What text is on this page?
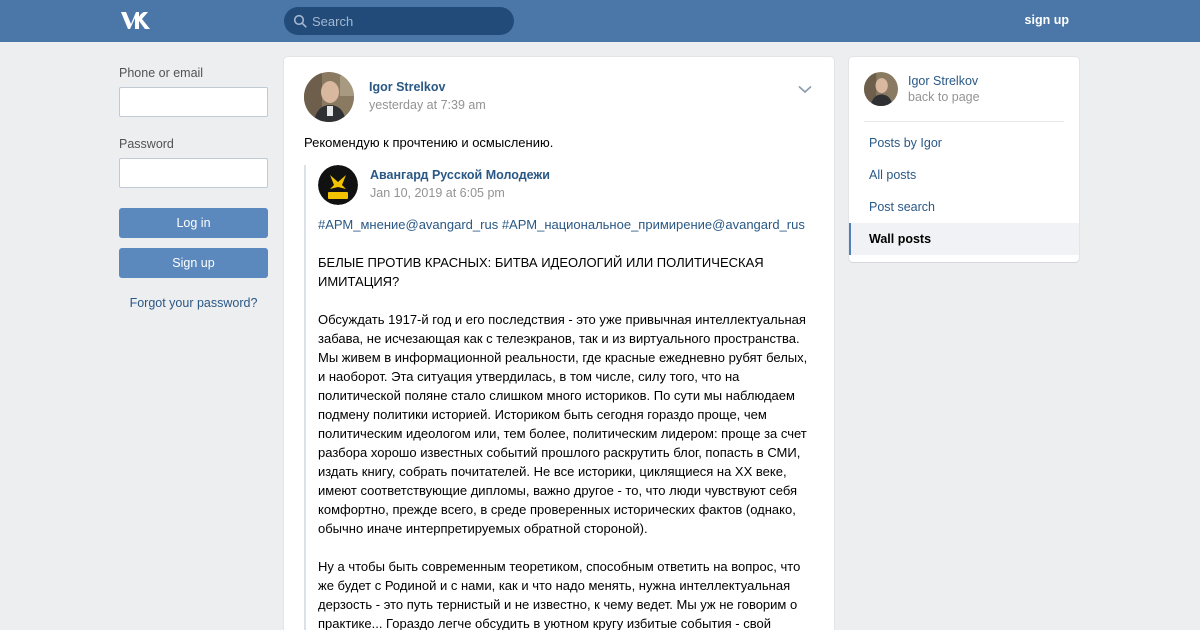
Search
sign up
Phone or email
Password
Log in
Sign up
Forgot your password?
Igor Strelkov
yesterday at 7:39 am
Рекомендую к прочтению и осмыслению.
Авангард Русской Молодежи
Jan 10, 2019 at 6:05 pm

#АРМ_мнение@avangard_rus #АРМ_национальное_примирение@avangard_rus

БЕЛЫЕ ПРОТИВ КРАСНЫХ: БИТВА ИДЕОЛОГИЙ ИЛИ ПОЛИТИЧЕСКАЯ ИМИТАЦИЯ?

Обсуждать 1917-й год и его последствия - это уже привычная интеллектуальная забава, не исчезающая как с телеэкранов, так и из виртуального пространства. Мы живем в информационной реальности, где красные ежедневно рубят белых, и наоборот. Эта ситуация утвердилась, в том числе, силу того, что на политической поляне стало слишком много историков. По сути мы наблюдаем подмену политики историей. Историком быть сегодня гораздо проще, чем политическим идеологом или, тем более, политическим лидером: проще за счет разбора хорошо известных событий прошлого раскрутить блог, попасть в СМИ, издать книгу, собрать почитателей. Не все историки, циклящиеся на XX веке, имеют соответствующие дипломы, важно другое - то, что люди чувствуют себя комфортно, прежде всего, в среде проверенных исторических фактов (однако, обычно иначе интерпретируемых обратной стороной).

Ну а чтобы быть современным теоретиком, способным ответить на вопрос, что же будет с Родиной и с нами, как и что надо менять, нужна интеллектуальная дерзость - это путь тернистый и не известно, к чему ведет. Мы уж не говорим о практике... Гораздо легче обсудить в уютном кругу избитые события - свой

Igor Strelkov
back to page
Posts by Igor
All posts
Post search
Wall posts
